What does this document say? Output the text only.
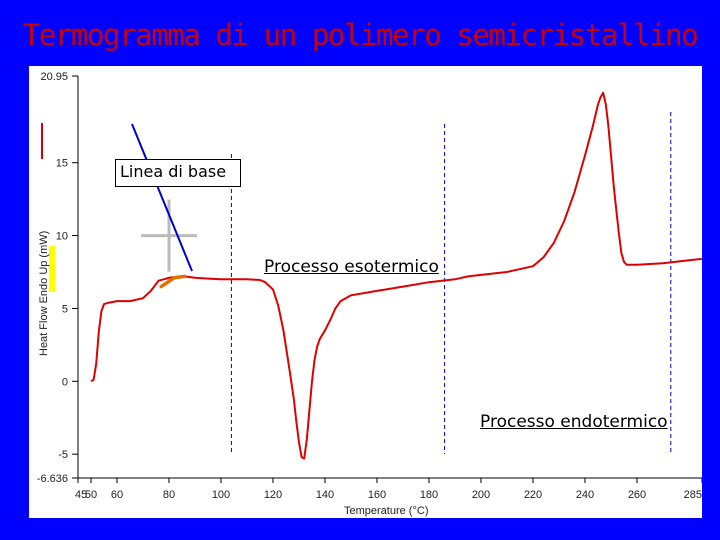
Termogramma di un polimero semicristallino
Heat Flow Endo Up (mW)
Temperature (°C)
-6.636
-5
0
5
10
15
20.95
45
50 60	80	100	120	140	160	180	200	220	240	260	285
Linea di base
Processo esotermico
Processo endotermico
